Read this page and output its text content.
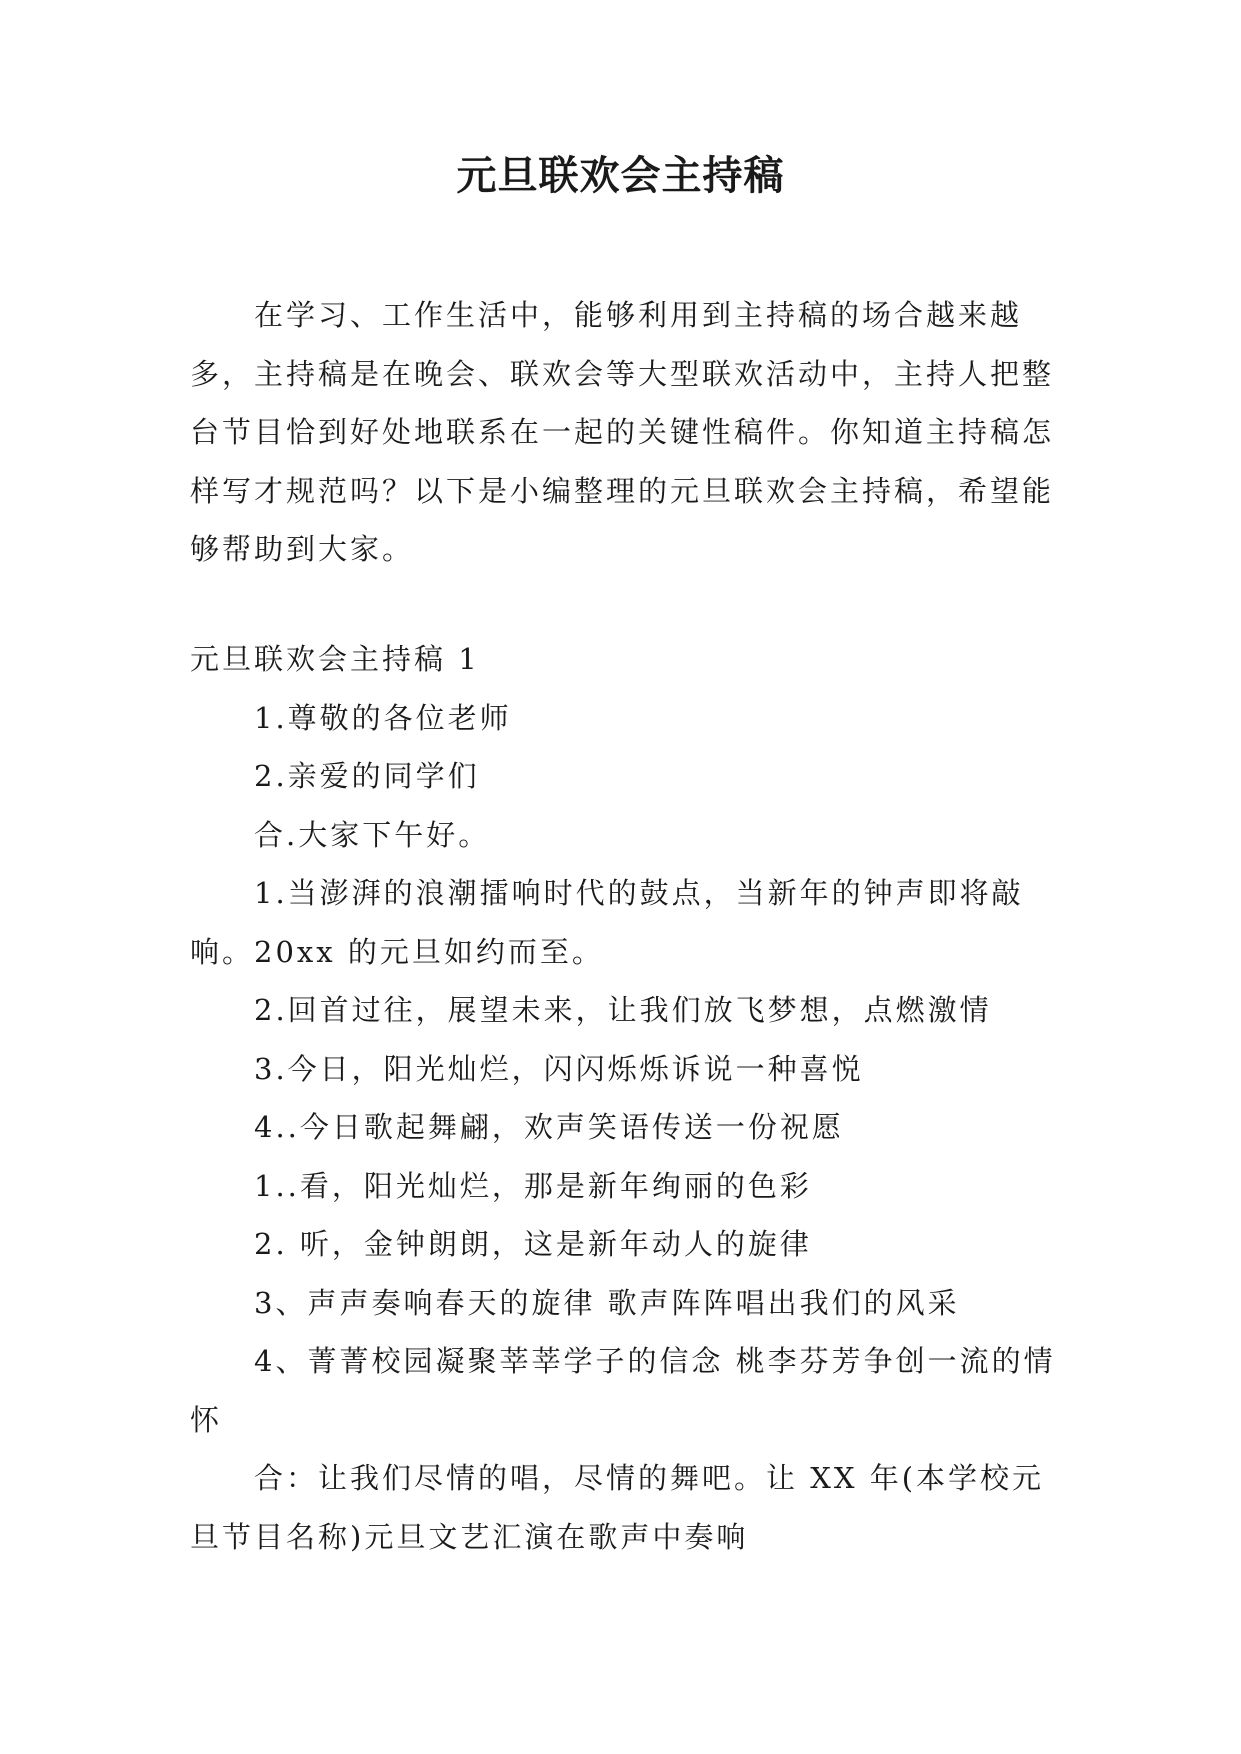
元旦联欢会主持稿

在学习、工作生活中，能够利用到主持稿的场合越来越多，主持稿是在晚会、联欢会等大型联欢活动中，主持人把整台节目恰到好处地联系在一起的关键性稿件。你知道主持稿怎样写才规范吗？以下是小编整理的元旦联欢会主持稿，希望能够帮助到大家。

元旦联欢会主持稿 1

1.尊敬的各位老师

2.亲爱的同学们

合.大家下午好。

1.当澎湃的浪潮擂响时代的鼓点，当新年的钟声即将敲响。20xx 的元旦如约而至。

2.回首过往，展望未来，让我们放飞梦想，点燃激情

3.今日，阳光灿烂，闪闪烁烁诉说一种喜悦

4..今日歌起舞翩，欢声笑语传送一份祝愿

1..看，阳光灿烂，那是新年绚丽的色彩

2. 听，金钟朗朗，这是新年动人的旋律

3、声声奏响春天的旋律 歌声阵阵唱出我们的风采

4、菁菁校园凝聚莘莘学子的信念 桃李芬芳争创一流的情怀

合：让我们尽情的唱，尽情的舞吧。让 XX 年(本学校元旦节目名称)元旦文艺汇演在歌声中奏响
